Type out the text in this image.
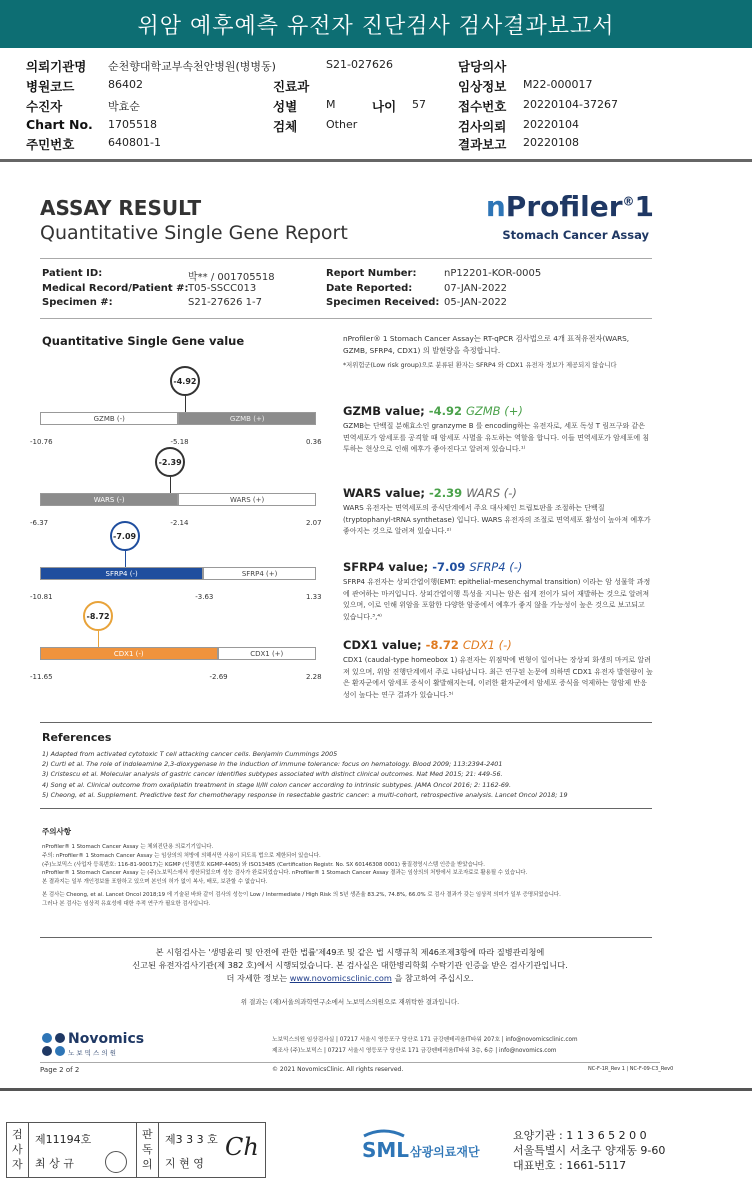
위암 예후예측 유전자 진단검사 검사결과보고서
의뢰기관명 순천향대학교부속천안병원(병병동)	S21-027626	담당의사
병원코드	86402	진료과	임상정보 M22-000017
수진자	박효순	성별	M	나이 57	접수번호 20220104-37267
Chart No. 1705518	검체	Other	검사의뢰 20220104
주민번호	640801-1	결과보고 20220108
ASSAY RESULT
Quantitative Single Gene Report
nProfiler®1
Stomach Cancer Assay
Patient ID:	박** / 001705518
Medical Record/Patient #: T05-SSCC013
Specimen #:	S21-27626 1-7
Report Number:	nP12201-KOR-0005
Date Reported:	07-JAN-2022
Specimen Received: 05-JAN-2022
Quantitative Single Gene value
GZMB (-)	GZMB (+)
-10.76	-5.18	0.36
-4.92
WARS (-)	WARS (+)
-6.37	-2.14	2.07
-2.39
SFRP4 (-)	SFRP4 (+)
-10.81	-3.63	1.33
-7.09
CDX1 (-)	CDX1 (+)
-11.65	-2.69	2.28
-8.72
nProfiler® 1 Stomach Cancer Assay는 RT-qPCR 검사법으로 4개 표적유전자(WARS, GZMB, SFRP4, CDX1) 의 발현량을 측정합니다.
*저위험군(Low risk group)으로 분류된 환자는 SFRP4 와 CDX1 유전자 정보가 제공되지 않습니다
GZMB value; -4.92 GZMB (+)
GZMB는 단백질 분해효소인 granzyme B 를 encoding하는 유전자로, 세포 독성 T 림프구와 같은 면역세포가 암세포를 공격할 때 암세포 사멸을 유도하는 역할을 합니다. 이들 면역세포가 암세포에 침투하는 현상으로 인해 예후가 좋아진다고 알려져 있습니다.¹⁾
WARS value; -2.39 WARS (-)
WARS 유전자는 면역세포의 증식단계에서 주요 대사체인 트립토판을 조절하는 단백질(tryptophanyl-tRNA synthetase) 입니다. WARS 유전자의 조절로 면역세포 활성이 높아져 예후가 좋아지는 것으로 알려져 있습니다.²⁾
SFRP4 value; -7.09 SFRP4 (-)
SFRP4 유전자는 상피간엽이행(EMT: epithelial-mesenchymal transition) 이라는 암 성물학 과정에 관여하는 마커입니다. 상피간엽이행 특성을 지니는 암은 쉽게 전이가 되어 재발하는 것으로 알려져 있으며, 이로 인해 위암을 포함한 다양한 암종에서 예후가 좋지 않을 가능성이 높은 것으로 보고되고 있습니다.³,⁴⁾
CDX1 value; -8.72 CDX1 (-)
CDX1 (caudal-type homeobox 1) 유전자는 위점막에 변형이 일어나는 장상피 화생의 마커로 알려져 있으며, 위암 진행단계에서 주로 나타납니다. 최근 연구된 논문에 의하면 CDX1 유전자 발현량이 높은 환자군에서 암세포 증식이 활발해지는데, 이러한 환자군에서 암세포 증식을 억제하는 항암제 반응성이 높다는 연구 결과가 있습니다.⁵⁾
References
1) Adapted from activated cytotoxic T cell attacking cancer cells. Benjamin Cummings 2005
2) Curti et al. The role of indoleamine 2,3-dioxygenase in the induction of immune tolerance: focus on hematology. Blood 2009; 113:2394-2401
3) Cristescu et al. Molecular analysis of gastric cancer identifies subtypes associated with distinct clinical outcomes. Nat Med 2015; 21: 449-56.
4) Song et al. Clinical outcome from oxaliplatin treatment in stage II/III colon cancer according to intrinsic subtypes. JAMA Oncol 2016; 2: 1162-69.
5) Cheong, et al. Supplement. Predictive test for chemotherapy response in resectable gastric cancer: a multi-cohort, retrospective analysis. Lancet Oncol 2018; 19
주의사항
nProfiler® 1 Stomach Cancer Assay 는 체외진단용 의료기기입니다.
주의: nProfiler® 1 Stomach Cancer Assay 는 임상의의 처방에 의해서만 사용이 되도록 법으로 제한되어 있습니다.
(주)노보믹스 (사업자 등록번호: 116-81-90017)는 KGMP (인정번호 KGMP-4405) 와 ISO13485 (Certification Registr. No. SX 60146308 0001) 품질경영시스템 인증을 받았습니다.
nProfiler® 1 Stomach Cancer Assay 는 (주)노보믹스에서 생산되었으며 성능 검사가 완료되었습니다. nProfiler® 1 Stomach Cancer Assay 결과는 임상의의 처방에서 보조자료로 활용될 수 있습니다.
본 결과지는 일부 개인정보를 포함하고 있으며 본인의 허가 없이 복사, 배포, 보관할 수 없습니다.
본 검사는 Cheong, et al. Lancet Oncol 2018;19 에 기술된 바와 같이 검사의 성능이 Low / Intermediate / High Risk 의 5년 생존율 83.2%, 74.8%, 66.0% 로 검사 결과가 갖는 임상적 의미가 일부 증명되었습니다.
그러나 본 검사는 임상적 유효성에 대한 추적 연구가 필요한 검사입니다.
본 시험검사는 '생명윤리 및 안전에 관한 법률'제49조 및 같은 법 시행규칙 제46조제3항에 따라 질병관리청에
신고된 유전자검사기관(제 382 호)에서 시행되었습니다. 본 검사실은 대한병리학회 수탁기관 인증을 받은 검사기관입니다.
더 자세한 정보는 www.novomicsclinic.com 을 참고하여 주십시오.
위 결과는 (재)서울의과학연구소에서 노보믹스의원으로 재위탁한 결과입니다.
Novomics
노 보 믹 스 의 원
노보믹스의원 임상검사실 | 07217 서울시 영등포구 당산로 171 금강펜테리움IT타워 207호 | info@novomicsclinic.com
제조사 (주)노보믹스 | 07217 서울시 영등포구 당산로 171 금강펜테리움IT타워 3층, 6층 | info@novomics.com
Page 2 of 2	© 2021 NovomicsClinic. All rights reserved.	NC-F-1R_Rev 1 | NC-F-09-C3_Rev0
검사자
제11194호
최 상 규
판독의
제3 3 3 호
지 현 영
Ch	SML 삼광의료재단
요양기관 : 1 1 3 6 5 2 0 0
서울특별시 서초구 양재동 9-60
대표번호 : 1661-5117
